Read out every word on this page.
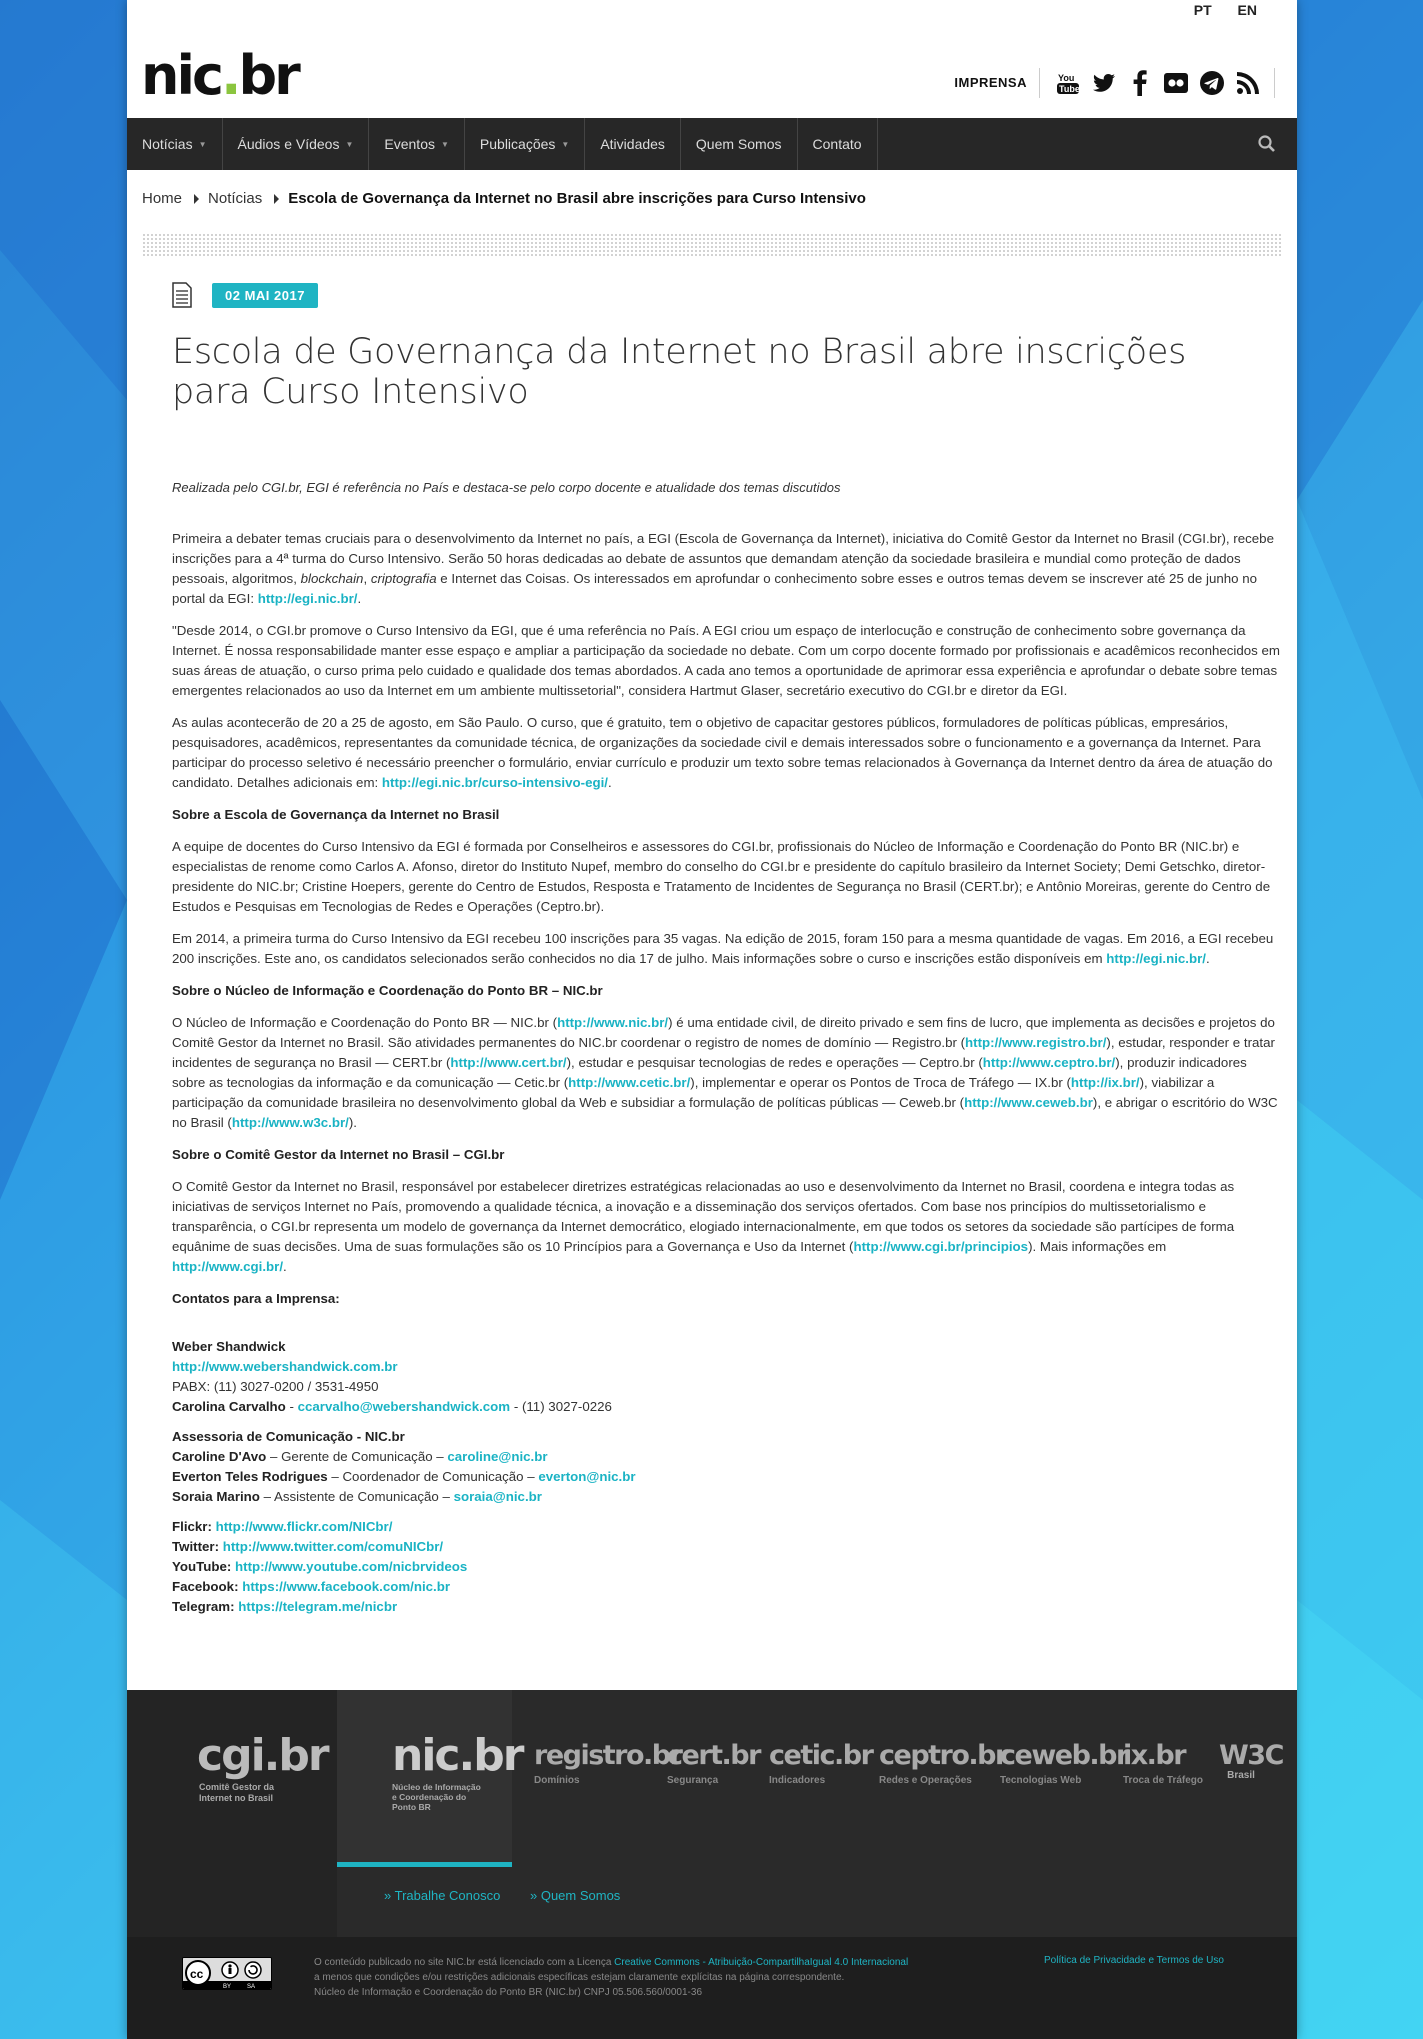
PT EN
nic.br	IMPRENSA	You
Tube
Notícias ▼ Áudios e Vídeos ▼ Eventos ▼ Publicações ▼ Atividades Quem Somos Contato
Home Notícias Escola de Governança da Internet no Brasil abre inscrições para Curso Intensivo
02 MAI 2017
Escola de Governança da Internet no Brasil abre inscrições para Curso Intensivo
Realizada pelo CGI.br, EGI é referência no País e destaca-se pelo corpo docente e atualidade dos temas discutidos

Primeira a debater temas cruciais para o desenvolvimento da Internet no país, a EGI (Escola de Governança da Internet), iniciativa do Comitê Gestor da Internet no Brasil (CGI.br), recebe inscrições para a 4ª turma do Curso Intensivo. Serão 50 horas dedicadas ao debate de assuntos que demandam atenção da sociedade brasileira e mundial como proteção de dados pessoais, algoritmos, blockchain, criptografia e Internet das Coisas. Os interessados em aprofundar o conhecimento sobre esses e outros temas devem se inscrever até 25 de junho no portal da EGI: http://egi.nic.br/.

"Desde 2014, o CGI.br promove o Curso Intensivo da EGI, que é uma referência no País. A EGI criou um espaço de interlocução e construção de conhecimento sobre governança da Internet. É nossa responsabilidade manter esse espaço e ampliar a participação da sociedade no debate. Com um corpo docente formado por profissionais e acadêmicos reconhecidos em suas áreas de atuação, o curso prima pelo cuidado e qualidade dos temas abordados. A cada ano temos a oportunidade de aprimorar essa experiência e aprofundar o debate sobre temas emergentes relacionados ao uso da Internet em um ambiente multissetorial", considera Hartmut Glaser, secretário executivo do CGI.br e diretor da EGI.

As aulas acontecerão de 20 a 25 de agosto, em São Paulo. O curso, que é gratuito, tem o objetivo de capacitar gestores públicos, formuladores de políticas públicas, empresários, pesquisadores, acadêmicos, representantes da comunidade técnica, de organizações da sociedade civil e demais interessados sobre o funcionamento e a governança da Internet. Para participar do processo seletivo é necessário preencher o formulário, enviar currículo e produzir um texto sobre temas relacionados à Governança da Internet dentro da área de atuação do candidato. Detalhes adicionais em: http://egi.nic.br/curso-intensivo-egi/.

Sobre a Escola de Governança da Internet no Brasil

A equipe de docentes do Curso Intensivo da EGI é formada por Conselheiros e assessores do CGI.br, profissionais do Núcleo de Informação e Coordenação do Ponto BR (NIC.br) e especialistas de renome como Carlos A. Afonso, diretor do Instituto Nupef, membro do conselho do CGI.br e presidente do capítulo brasileiro da Internet Society; Demi Getschko, diretor-presidente do NIC.br; Cristine Hoepers, gerente do Centro de Estudos, Resposta e Tratamento de Incidentes de Segurança no Brasil (CERT.br); e Antônio Moreiras, gerente do Centro de Estudos e Pesquisas em Tecnologias de Redes e Operações (Ceptro.br).

Em 2014, a primeira turma do Curso Intensivo da EGI recebeu 100 inscrições para 35 vagas. Na edição de 2015, foram 150 para a mesma quantidade de vagas. Em 2016, a EGI recebeu 200 inscrições. Este ano, os candidatos selecionados serão conhecidos no dia 17 de julho. Mais informações sobre o curso e inscrições estão disponíveis em http://egi.nic.br/.

Sobre o Núcleo de Informação e Coordenação do Ponto BR – NIC.br

O Núcleo de Informação e Coordenação do Ponto BR — NIC.br (http://www.nic.br/) é uma entidade civil, de direito privado e sem fins de lucro, que implementa as decisões e projetos do Comitê Gestor da Internet no Brasil. São atividades permanentes do NIC.br coordenar o registro de nomes de domínio — Registro.br (http://www.registro.br/), estudar, responder e tratar incidentes de segurança no Brasil — CERT.br (http://www.cert.br/), estudar e pesquisar tecnologias de redes e operações — Ceptro.br (http://www.ceptro.br/), produzir indicadores sobre as tecnologias da informação e da comunicação — Cetic.br (http://www.cetic.br/), implementar e operar os Pontos de Troca de Tráfego — IX.br (http://ix.br/), viabilizar a participação da comunidade brasileira no desenvolvimento global da Web e subsidiar a formulação de políticas públicas — Ceweb.br (http://www.ceweb.br), e abrigar o escritório do W3C no Brasil (http://www.w3c.br/).

Sobre o Comitê Gestor da Internet no Brasil – CGI.br

O Comitê Gestor da Internet no Brasil, responsável por estabelecer diretrizes estratégicas relacionadas ao uso e desenvolvimento da Internet no Brasil, coordena e integra todas as iniciativas de serviços Internet no País, promovendo a qualidade técnica, a inovação e a disseminação dos serviços ofertados. Com base nos princípios do multissetorialismo e transparência, o CGI.br representa um modelo de governança da Internet democrático, elogiado internacionalmente, em que todos os setores da sociedade são partícipes de forma equânime de suas decisões. Uma de suas formulações são os 10 Princípios para a Governança e Uso da Internet (http://www.cgi.br/principios). Mais informações em http://www.cgi.br/.

Contatos para a Imprensa:
Weber Shandwick
http://www.webershandwick.com.br
PABX: (11) 3027-0200 / 3531-4950
Carolina Carvalho - ccarvalho@webershandwick.com - (11) 3027-0226
Assessoria de Comunicação - NIC.br
Caroline D'Avo – Gerente de Comunicação – caroline@nic.br
Everton Teles Rodrigues – Coordenador de Comunicação – everton@nic.br
Soraia Marino – Assistente de Comunicação – soraia@nic.br
Flickr: http://www.flickr.com/NICbr/
Twitter: http://www.twitter.com/comuNICbr/
YouTube: http://www.youtube.com/nicbrvideos
Facebook: https://www.facebook.com/nic.br
Telegram: https://telegram.me/nicbr
cgi.br
Comitê Gestor da Internet no Brasil
nic.br
Núcleo de Informação e Coordenação do Ponto BR
registro.br
Domínios
cert.br
Segurança
cetic.br
Indicadores
ceptro.br
Redes e Operações
ceweb.br
Tecnologias Web
ix.br
Troca de Tráfego
W3C
Brasil
» Trabalhe Conosco » Quem Somos
cc
BY	SA
O conteúdo publicado no site NIC.br está licenciado com a Licença Creative Commons - Atribuição-CompartilhaIgual 4.0 Internacional a menos que condições e/ou restrições adicionais específicas estejam claramente explícitas na página correspondente.
Núcleo de Informação e Coordenação do Ponto BR (NIC.br) CNPJ 05.506.560/0001-36
Política de Privacidade e Termos de Uso
